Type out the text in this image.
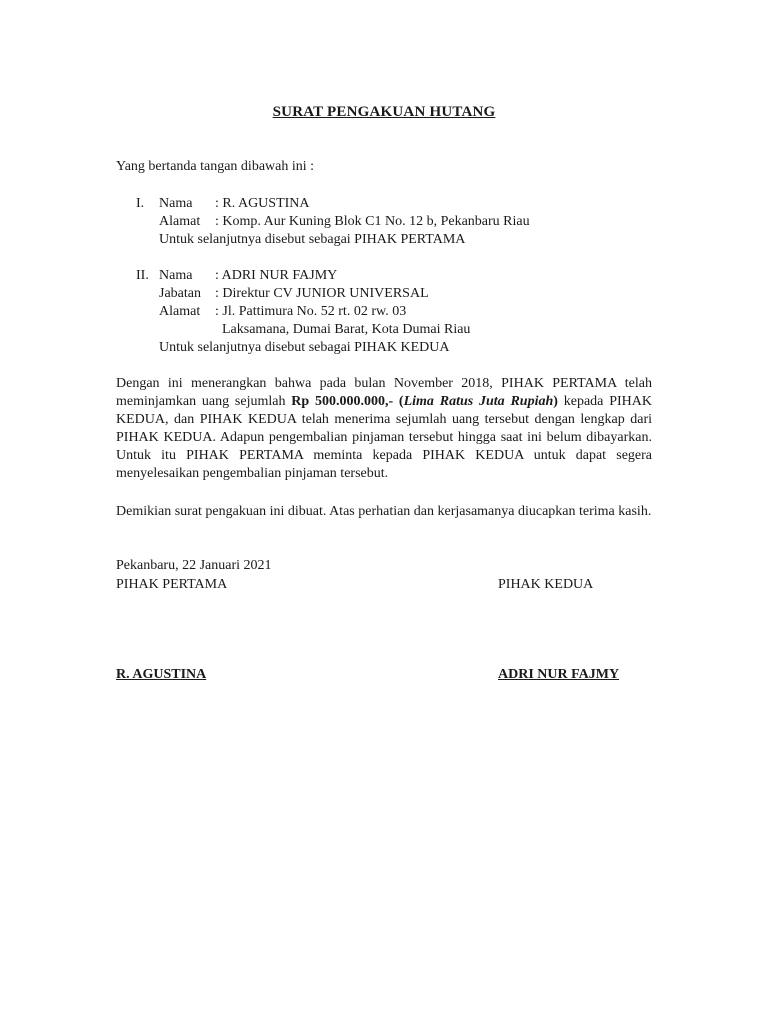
SURAT PENGAKUAN HUTANG
Yang bertanda tangan dibawah ini :
I. Nama : R. AGUSTINA
Alamat : Komp. Aur Kuning Blok C1 No. 12 b, Pekanbaru Riau
Untuk selanjutnya disebut sebagai PIHAK PERTAMA
II. Nama : ADRI NUR FAJMY
Jabatan : Direktur CV JUNIOR UNIVERSAL
Alamat : Jl. Pattimura No. 52 rt. 02 rw. 03
Laksamana, Dumai Barat, Kota Dumai Riau
Untuk selanjutnya disebut sebagai PIHAK KEDUA
Dengan ini menerangkan bahwa pada bulan November 2018, PIHAK PERTAMA telah meminjamkan uang sejumlah Rp 500.000.000,- (Lima Ratus Juta Rupiah) kepada PIHAK KEDUA, dan PIHAK KEDUA telah menerima sejumlah uang tersebut dengan lengkap dari PIHAK KEDUA. Adapun pengembalian pinjaman tersebut hingga saat ini belum dibayarkan. Untuk itu PIHAK PERTAMA meminta kepada PIHAK KEDUA untuk dapat segera menyelesaikan pengembalian pinjaman tersebut.
Demikian surat pengakuan ini dibuat. Atas perhatian dan kerjasamanya diucapkan terima kasih.
Pekanbaru, 22 Januari 2021
PIHAK PERTAMA	PIHAK KEDUA
R. AGUSTINA	ADRI NUR FAJMY
